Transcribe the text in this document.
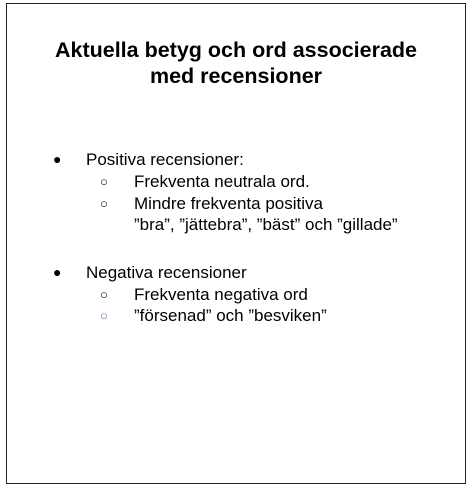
Aktuella betyg och ord associerade
med recensioner
● Positiva recensioner:
○ Frekventa neutrala ord.
○ Mindre frekventa positiva
”bra”, ”jättebra”, ”bäst” och ”gillade”
● Negativa recensioner
○ Frekventa negativa ord
○ ”försenad” och ”besviken”
